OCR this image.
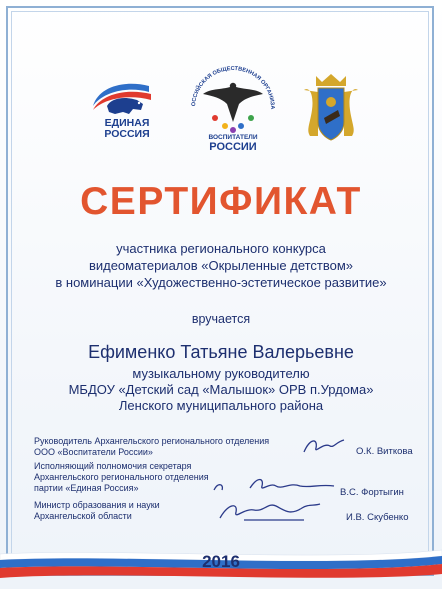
ЕДИНАЯ
РОССИЯ
ОССИЙСКАЯ ОБЩЕСТВЕННАЯ ОРГАНИЗА
ВОСПИТАТЕЛИ
РОССИИ
СЕРТИФИКАТ
участника регионального конкурса
видеоматериалов «Окрыленные детством»
в номинации «Художественно-эстетическое развитие»
вручается
Ефименко Татьяне Валерьевне
музыкальному руководителю
МБДОУ «Детский сад «Малышок» ОРВ п.Урдома»
Ленского муниципального района
Руководитель Архангельского регионального отделения
ООО «Воспитатели России»	О.К. Виткова
Исполняющий полномочия секретаря
Архангельского регионального отделения
партии «Единая Россия»	В.С. Фортыгин
Министр образования и науки
Архангельской области	И.В. Скубенко
2016
